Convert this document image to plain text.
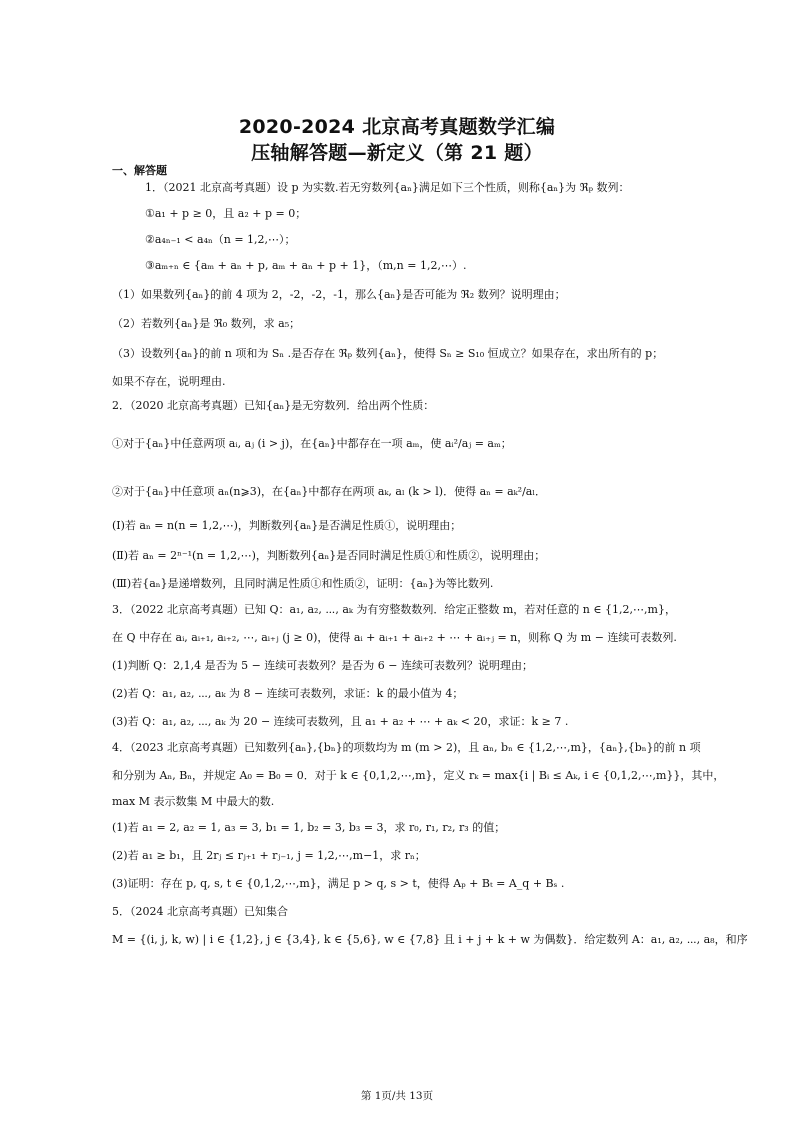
2020-2024 北京高考真题数学汇编
压轴解答题—新定义（第 21 题）
一、解答题
1．（2021 北京高考真题）设 p 为实数.若无穷数列{aₙ}满足如下三个性质，则称{aₙ}为 ℜₚ 数列：
①a₁ + p ≥ 0，且 a₂ + p = 0；
②a₄ₙ₋₁ < a₄ₙ（n = 1,2,⋯）；
③aₘ₊ₙ ∈ {aₘ + aₙ + p, aₘ + aₙ + p + 1}，（m,n = 1,2,⋯）.
（1）如果数列{aₙ}的前 4 项为 2，-2，-2，-1，那么{aₙ}是否可能为 ℜ₂ 数列？说明理由；
（2）若数列{aₙ}是 ℜ₀ 数列，求 a₅；
（3）设数列{aₙ}的前 n 项和为 Sₙ .是否存在 ℜₚ 数列{aₙ}，使得 Sₙ ≥ S₁₀ 恒成立？如果存在，求出所有的 p；
如果不存在，说明理由.
2．（2020 北京高考真题）已知{aₙ}是无穷数列．给出两个性质：
①对于{aₙ}中任意两项 aᵢ, aⱼ (i > j)，在{aₙ}中都存在一项 aₘ，使 aᵢ²/aⱼ = aₘ；
②对于{aₙ}中任意项 aₙ(n⩾3)，在{aₙ}中都存在两项 aₖ, aₗ (k > l)．使得 aₙ = aₖ²/aₗ．
(Ⅰ)若 aₙ = n(n = 1,2,⋯)，判断数列{aₙ}是否满足性质①，说明理由；
(Ⅱ)若 aₙ = 2ⁿ⁻¹(n = 1,2,⋯)，判断数列{aₙ}是否同时满足性质①和性质②，说明理由；
(Ⅲ)若{aₙ}是递增数列，且同时满足性质①和性质②，证明：{aₙ}为等比数列.
3．（2022 北京高考真题）已知 Q：a₁, a₂, ⋯, aₖ 为有穷整数数列．给定正整数 m，若对任意的 n ∈ {1,2,⋯,m}，
在 Q 中存在 aᵢ, aᵢ₊₁, aᵢ₊₂, ⋯, aᵢ₊ⱼ (j ≥ 0)，使得 aᵢ + aᵢ₊₁ + aᵢ₊₂ + ⋯ + aᵢ₊ⱼ = n，则称 Q 为 m − 连续可表数列.
(1)判断 Q：2,1,4 是否为 5 − 连续可表数列？是否为 6 − 连续可表数列？说明理由；
(2)若 Q：a₁, a₂, ⋯, aₖ 为 8 − 连续可表数列，求证：k 的最小值为 4；
(3)若 Q：a₁, a₂, ⋯, aₖ 为 20 − 连续可表数列，且 a₁ + a₂ + ⋯ + aₖ < 20，求证：k ≥ 7 .
4．（2023 北京高考真题）已知数列{aₙ},{bₙ}的项数均为 m (m > 2)，且 aₙ, bₙ ∈ {1,2,⋯,m}，{aₙ},{bₙ}的前 n 项
和分别为 Aₙ, Bₙ，并规定 A₀ = B₀ = 0．对于 k ∈ {0,1,2,⋯,m}，定义 rₖ = max{i | Bᵢ ≤ Aₖ, i ∈ {0,1,2,⋯,m}}，其中，
max M 表示数集 M 中最大的数.
(1)若 a₁ = 2, a₂ = 1, a₃ = 3, b₁ = 1, b₂ = 3, b₃ = 3，求 r₀, r₁, r₂, r₃ 的值；
(2)若 a₁ ≥ b₁，且 2rⱼ ≤ rⱼ₊₁ + rⱼ₋₁, j = 1,2,⋯,m−1，求 rₙ；
(3)证明：存在 p, q, s, t ∈ {0,1,2,⋯,m}，满足 p > q, s > t，使得 Aₚ + Bₜ = A_q + Bₛ .
5．（2024 北京高考真题）已知集合
M = {(i, j, k, w) | i ∈ {1,2}, j ∈ {3,4}, k ∈ {5,6}, w ∈ {7,8} 且 i + j + k + w 为偶数}．给定数列 A：a₁, a₂, ⋯, a₈，和序
第 1页/共 13页
